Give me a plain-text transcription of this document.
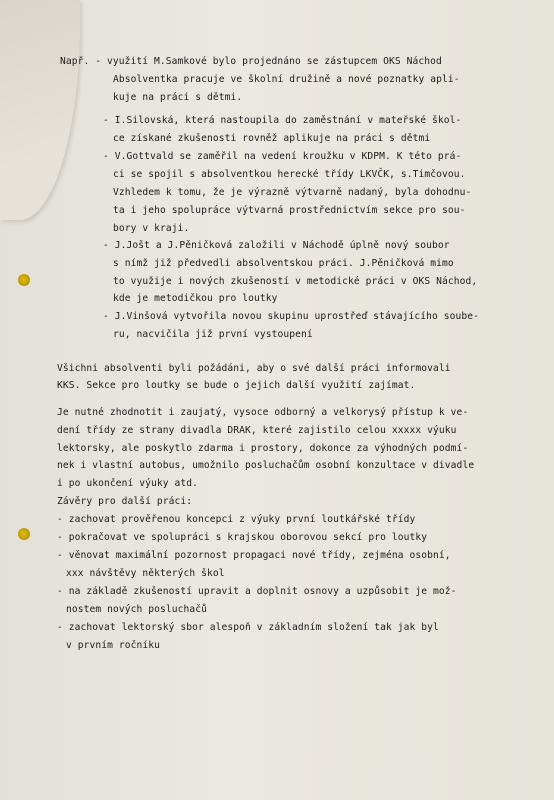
Např. - využití M.Samkové bylo projednáno se zástupcem OKS Náchod
Absolventka pracuje ve školní družině a nové poznatky apli-
kuje na práci s dětmi.
- I.Silovská, která nastoupila do zaměstnání v mateřské škol-
ce získané zkušenosti rovněž aplikuje na práci s dětmi
- V.Gottvald se zaměřil na vedení kroužku v KDPM. K této prá-
ci se spojil s absolventkou herecké třídy LKVČK, s.Timčovou.
Vzhledem k tomu, že je výrazně výtvarně nadaný, byla dohodnu-
ta i jeho spolupráce výtvarná prostřednictvím sekce pro sou-
bory v kraji.
- J.Jošt a J.Pěničková založili v Náchodě úplně nový soubor
s nímž již předvedli absolventskou práci. J.Pěničková mimo
to využije i nových zkušeností v metodické práci v OKS Náchod,
kde je metodičkou pro loutky
- J.Vinšová vytvořila novou skupinu uprostřeď stávajícího soube-
ru, nacvičila již první vystoupení
Všichni absolventi byli požádáni, aby o své další práci informovali
KKS. Sekce pro loutky se bude o jejich další využití zajímat.
Je nutné zhodnotit i zaujatý, vysoce odborný a velkorysý přístup k ve-
dení třídy ze strany divadla DRAK, které zajistilo celou xxxxx výuku
lektorsky, ale poskytlo zdarma i prostory, dokonce za výhodných podmí-
nek i vlastní autobus, umožnilo posluchačům osobní konzultace v divadle
i po ukončení výuky atd.
Závěry pro další práci:
- zachovat prověřenou koncepci z výuky první loutkářské třídy
- pokračovat ve spolupráci s krajskou oborovou sekcí pro loutky
- věnovat maximální pozornost propagaci nové třídy, zejména osobní,
xxx návštěvy některých škol
- na základě zkušeností upravit a doplnit osnovy a uzpůsobit je mož-
nostem nových posluchačů
- zachovat lektorský sbor alespoň v základním složení tak jak byl
v prvním ročníku
